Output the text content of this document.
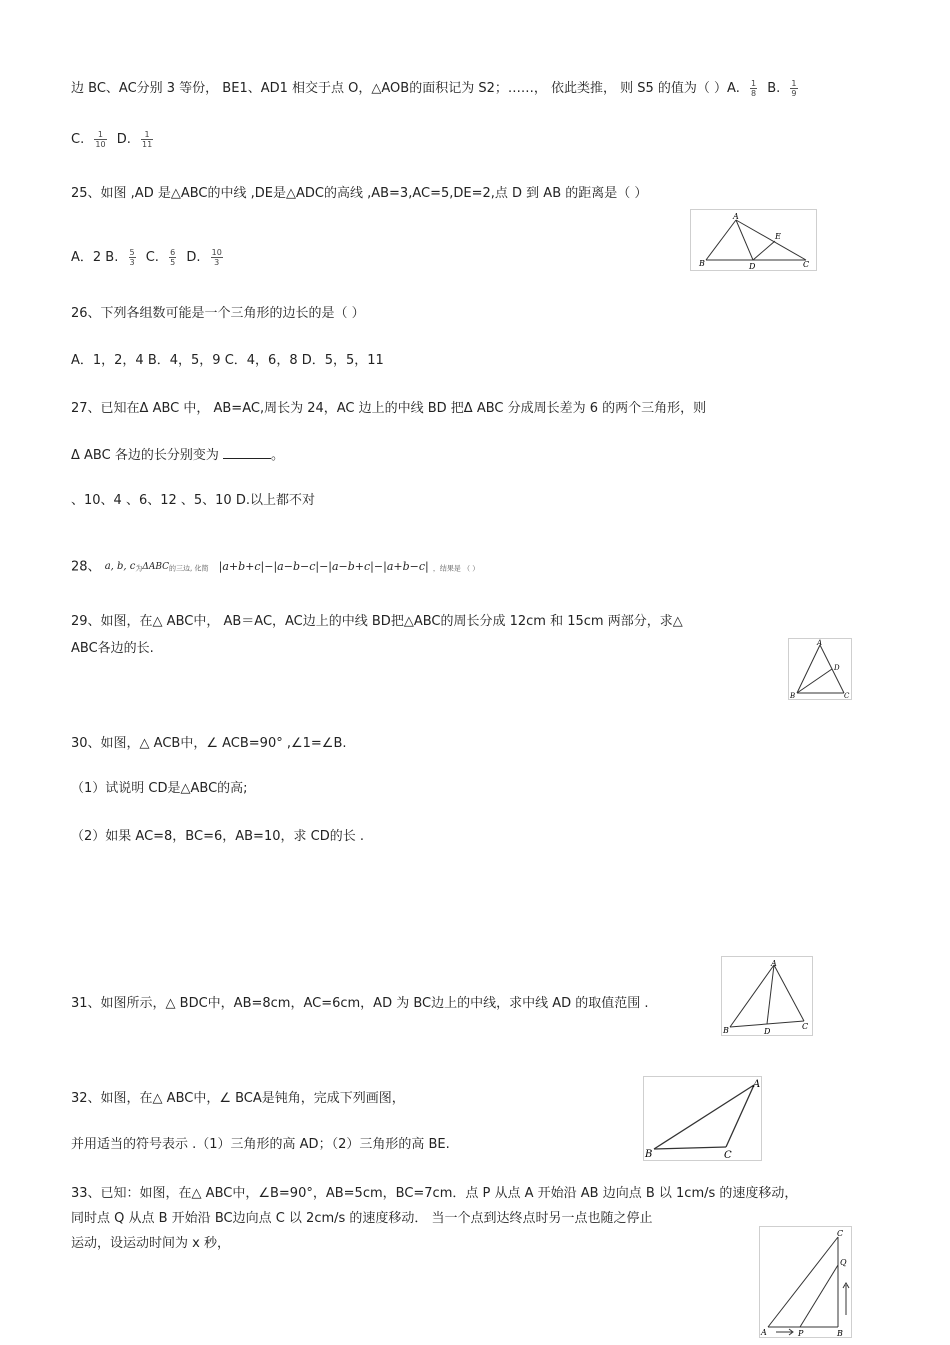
边 BC、AC分别 3 等份， BE1、AD1 相交于点 O，△AOB的面积记为 S2；……， 依此类推， 则 S5 的值为（ ）A. $\frac{1}{8} B$. $\frac{1}{9}$
C. $\frac{1}{10} D$. $\frac{1}{11}$
25、如图 ,AD 是△ABC的中线 ,DE是△ADC的高线 ,AB=3,AC=5,DE=2,点 D 到 AB 的距离是（ ）
A．2 B. $\frac{5}{3} C$. $\frac{6}{5} D$. $\frac{10}{3}$
A
B	C
D
E
26、下列各组数可能是一个三角形的边长的是（ ）
A．1，2，4 B．4，5，9 C．4，6，8 D．5，5，11
27、已知在Δ ABC 中， AB=AC,周长为 24，AC 边上的中线 BD 把Δ ABC 分成周长差为 6 的两个三角形，则
Δ ABC 各边的长分别变为	。
、10、4 、6、12 、5、10 D.以上都不对
28、 a, b, c为ΔABC的三边, 化简 |a+b+c|−|a−b−c|−|a−b+c|−|a+b−c| ，结果是 （ ）
29、如图，在△ ABC中， AB＝AC，AC边上的中线 BD把△ABC的周长分成 12cm 和 15cm 两部分，求△
ABC各边的长.	A
B	C
D
30、如图，△ ACB中，∠ ACB=90° ,∠1=∠B.
（1）试说明 CD是△ABC的高;
（2）如果 AC=8，BC=6，AB=10，求 CD的长 .
31、如图所示，△ BDC中，AB=8cm，AC=6cm，AD 为 BC边上的中线，求中线 AD 的取值范围 .
A
B	C
D
32、如图，在△ ABC中，∠ BCA是钝角，完成下列画图，
并用适当的符号表示 .（1）三角形的高 AD；（2）三角形的高 BE.
A
B	C
33、已知：如图，在△ ABC中，∠B=90°，AB=5cm，BC=7cm．点 P 从点 A 开始沿 AB 边向点 B 以 1cm/s 的速度移动，
同时点 Q 从点 B 开始沿 BC边向点 C 以 2cm/s 的速度移动． 当一个点到达终点时另一点也随之停止
运动，设运动时间为 x 秒，
C
Q
A	P	B
